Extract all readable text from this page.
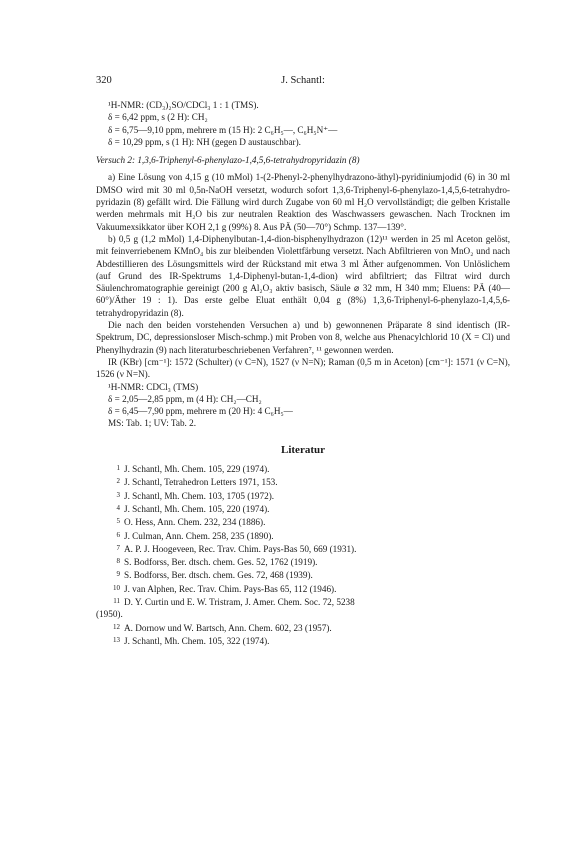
320	J. Schantl:
¹H-NMR: (CD₃)₂SO/CDCl₃ 1 : 1 (TMS).
δ = 6,42 ppm, s (2 H): CH₂
δ = 6,75—9,10 ppm, mehrere m (15 H): 2 C₆H₅—, C₆H₅N⁺—
δ = 10,29 ppm, s (1 H): NH (gegen D austauschbar).
Versuch 2: 1,3,6-Triphenyl-6-phenylazo-1,4,5,6-tetrahydropyridazin (8)

a) Eine Lösung von 4,15 g (10 mMol) 1-(2-Phenyl-2-phenylhydrazono-äthyl)-pyridiniumjodid (6) in 30 ml DMSO wird mit 30 ml 0,5n-NaOH versetzt, wodurch sofort 1,3,6-Triphenyl-6-phenylazo-1,4,5,6-tetrahydro-pyridazin (8) gefällt wird. Die Fällung wird durch Zugabe von 60 ml H₂O vervollständigt; die gelben Kristalle werden mehrmals mit H₂O bis zur neutralen Reaktion des Waschwassers gewaschen. Nach Trocknen im Vakuumexsikkator über KOH 2,1 g (99%) 8. Aus PÄ (50—70°) Schmp. 137—139°.

b) 0,5 g (1,2 mMol) 1,4-Diphenylbutan-1,4-dion-bisphenylhydrazon (12)¹¹ werden in 25 ml Aceton gelöst, mit feinverriebenem KMnO₄ bis zur bleibenden Violettfärbung versetzt. Nach Abfiltrieren von MnO₂ und nach Abdestillieren des Lösungsmittels wird der Rückstand mit etwa 3 ml Äther aufgenommen. Von Unlöslichem (auf Grund des IR-Spektrums 1,4-Diphenyl-butan-1,4-dion) wird abfiltriert; das Filtrat wird durch Säulenchromatographie gereinigt (200 g Al₂O₃ aktiv basisch, Säule ⌀ 32 mm, H 340 mm; Eluens: PÄ (40—60°)/Äther 19 : 1). Das erste gelbe Eluat enthält 0,04 g (8%) 1,3,6-Triphenyl-6-phenylazo-1,4,5,6-tetrahydropyridazin (8).

Die nach den beiden vorstehenden Versuchen a) und b) gewonnenen Präparate 8 sind identisch (IR-Spektrum, DC, depressionsloser Misch-schmp.) mit Proben von 8, welche aus Phenacylchlorid 10 (X = Cl) und Phenylhydrazin (9) nach literaturbeschriebenen Verfahren⁷, ¹¹ gewonnen werden.

IR (KBr) [cm⁻¹]: 1572 (Schulter) (ν C=N), 1527 (ν N=N); Raman (0,5 m in Aceton) [cm⁻¹]: 1571 (ν C=N), 1526 (ν N=N).

¹H-NMR: CDCl₃ (TMS)
δ = 2,05—2,85 ppm, m (4 H): CH₂—CH₂
δ = 6,45—7,90 ppm, mehrere m (20 H): 4 C₆H₅—
MS: Tab. 1; UV: Tab. 2.
Literatur
1 J. Schantl, Mh. Chem. 105, 229 (1974).
2 J. Schantl, Tetrahedron Letters 1971, 153.
3 J. Schantl, Mh. Chem. 103, 1705 (1972).
4 J. Schantl, Mh. Chem. 105, 220 (1974).
5 O. Hess, Ann. Chem. 232, 234 (1886).
6 J. Culman, Ann. Chem. 258, 235 (1890).
7 A. P. J. Hoogeveen, Rec. Trav. Chim. Pays-Bas 50, 669 (1931).
8 S. Bodforss, Ber. dtsch. chem. Ges. 52, 1762 (1919).
9 S. Bodforss, Ber. dtsch. chem. Ges. 72, 468 (1939).
10 J. van Alphen, Rec. Trav. Chim. Pays-Bas 65, 112 (1946).
11 D. Y. Curtin und E. W. Tristram, J. Amer. Chem. Soc. 72, 5238
(1950).
12 A. Dornow und W. Bartsch, Ann. Chem. 602, 23 (1957).
13 J. Schantl, Mh. Chem. 105, 322 (1974).
